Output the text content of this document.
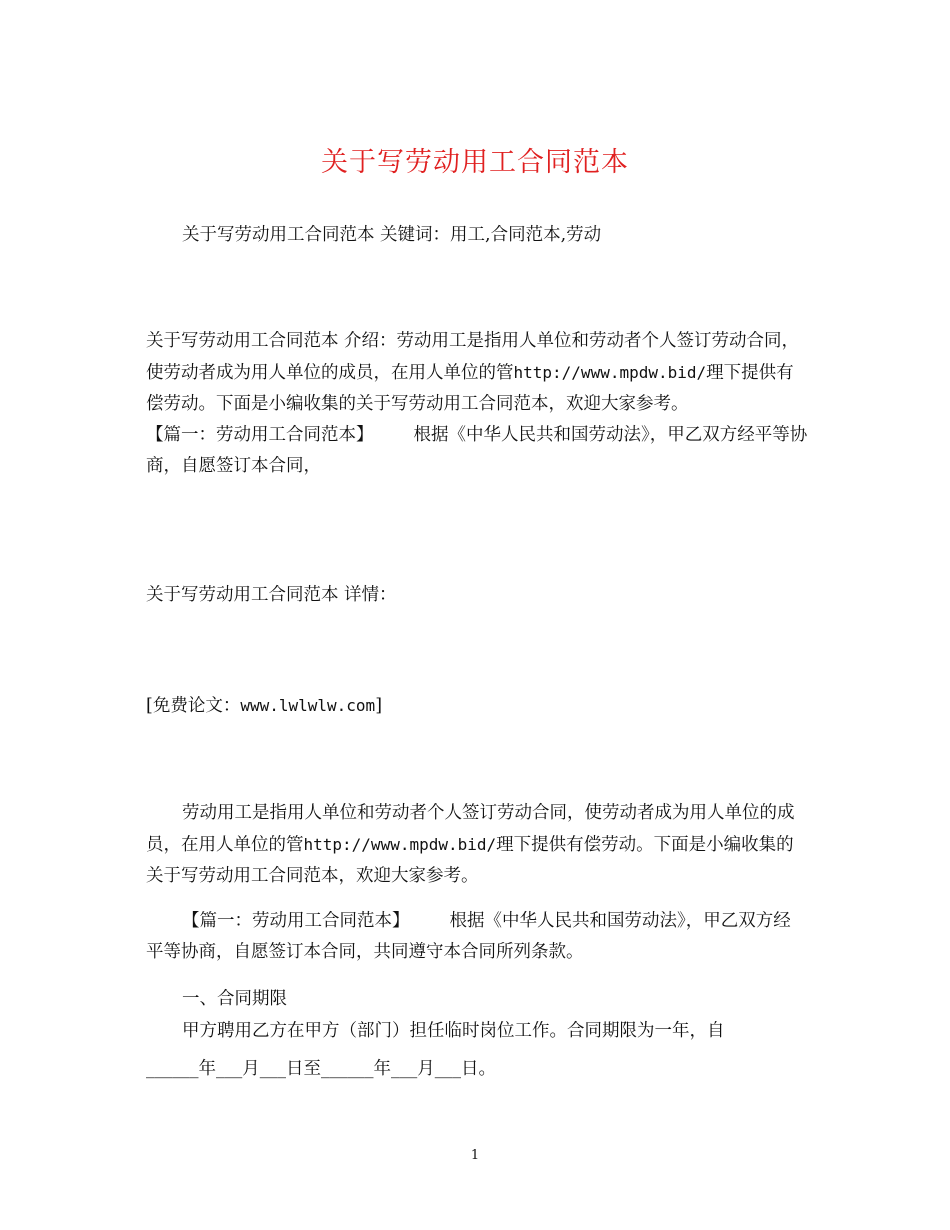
关于写劳动用工合同范本

关于写劳动用工合同范本 关键词：用工,合同范本,劳动

关于写劳动用工合同范本 介绍：劳动用工是指用人单位和劳动者个人签订劳动合同，使劳动者成为用人单位的成员，在用人单位的管http://www.mpdw.bid/理下提供有偿劳动。下面是小编收集的关于写劳动用工合同范本，欢迎大家参考。
【篇一：劳动用工合同范本】 根据《中华人民共和国劳动法》，甲乙双方经平等协商，自愿签订本合同，

关于写劳动用工合同范本 详情：

[免费论文：www.lwlwlw.com]

劳动用工是指用人单位和劳动者个人签订劳动合同，使劳动者成为用人单位的成员，在用人单位的管http://www.mpdw.bid/理下提供有偿劳动。下面是小编收集的关于写劳动用工合同范本，欢迎大家参考。

【篇一：劳动用工合同范本】 根据《中华人民共和国劳动法》，甲乙双方经平等协商，自愿签订本合同，共同遵守本合同所列条款。

一、合同期限

甲方聘用乙方在甲方（部门）担任临时岗位工作。合同期限为一年，自

______年___月___日至______年___月___日。

1
